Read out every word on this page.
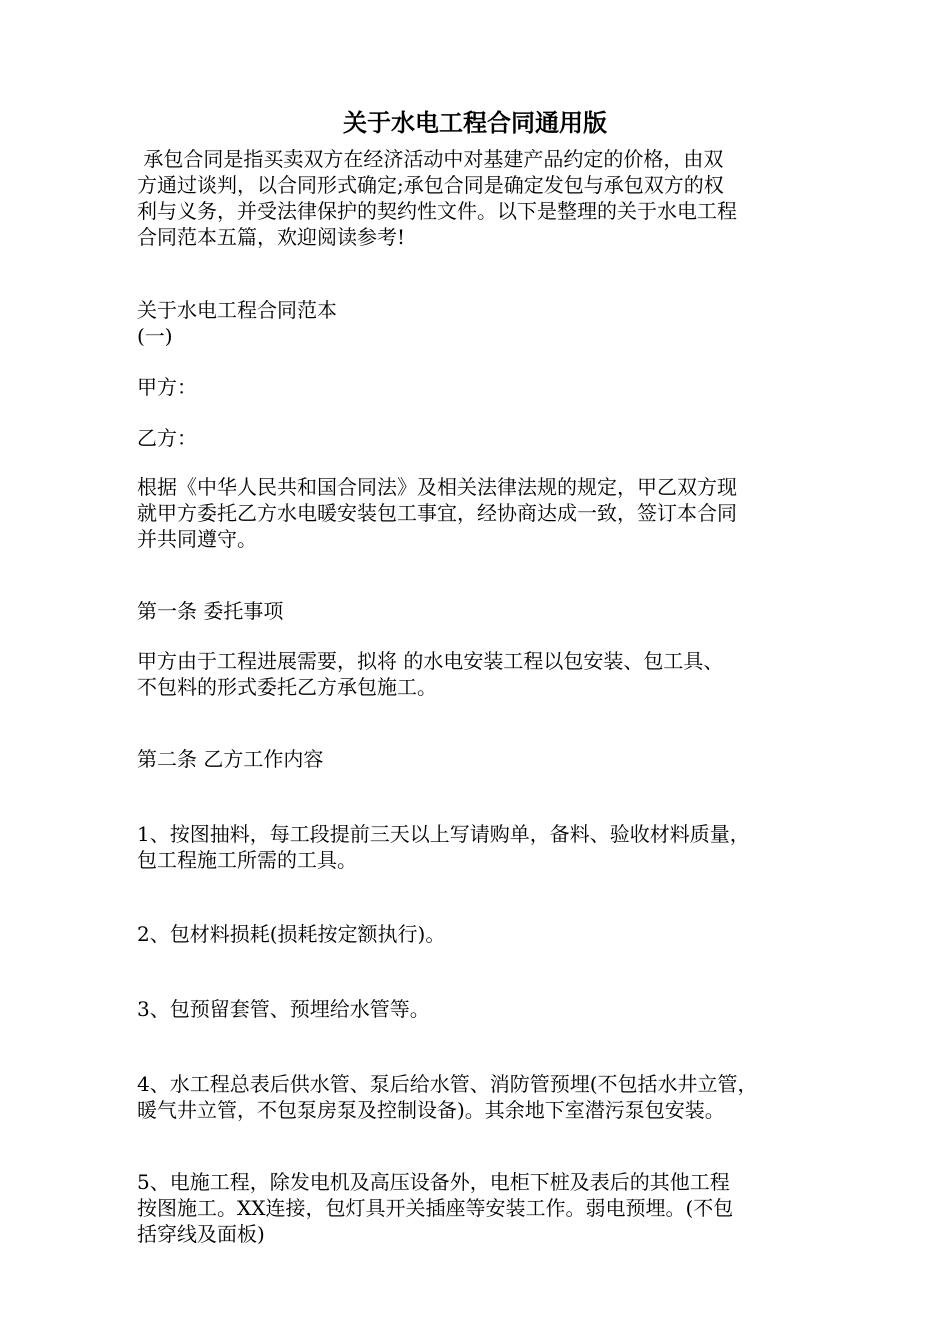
关于水电工程合同通用版

承包合同是指买卖双方在经济活动中对基建产品约定的价格，由双
方通过谈判，以合同形式确定;承包合同是确定发包与承包双方的权
利与义务，并受法律保护的契约性文件。以下是整理的关于水电工程
合同范本五篇，欢迎阅读参考!

关于水电工程合同范本
(一)

甲方：

乙方：

根据《中华人民共和国合同法》及相关法律法规的规定，甲乙双方现
就甲方委托乙方水电暖安装包工事宜，经协商达成一致，签订本合同
并共同遵守。

第一条 委托事项

甲方由于工程进展需要，拟将 的水电安装工程以包安装、包工具、
不包料的形式委托乙方承包施工。

第二条 乙方工作内容

1、按图抽料，每工段提前三天以上写请购单，备料、验收材料质量，
包工程施工所需的工具。

2、包材料损耗(损耗按定额执行)。

3、包预留套管、预埋给水管等。

4、水工程总表后供水管、泵后给水管、消防管预埋(不包括水井立管，
暖气井立管，不包泵房泵及控制设备)。其余地下室潜污泵包安装。

5、电施工程，除发电机及高压设备外，电柜下桩及表后的其他工程
按图施工。XX连接，包灯具开关插座等安装工作。弱电预埋。(不包
括穿线及面板)
